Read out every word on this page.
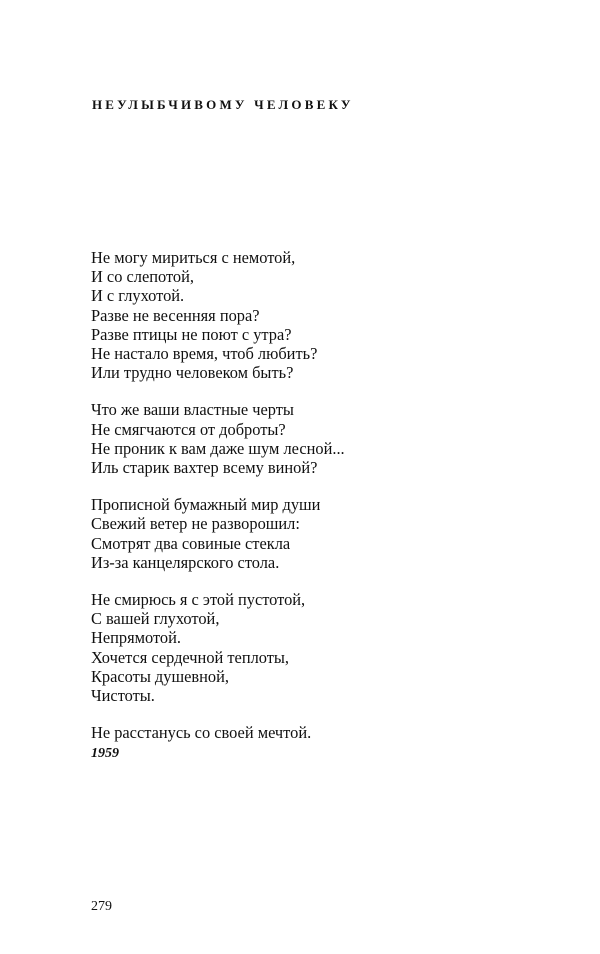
НЕУЛЫБЧИВОМУ ЧЕЛОВЕКУ

Не могу мириться с немотой,
И со слепотой,
И с глухотой.
Разве не весенняя пора?
Разве птицы не поют с утра?
Не настало время, чтоб любить?
Или трудно человеком быть?

Что же ваши властные черты
Не смягчаются от доброты?
Не проник к вам даже шум лесной...
Иль старик вахтер всему виной?

Прописной бумажный мир души
Свежий ветер не разворошил:
Смотрят два совиные стекла
Из-за канцелярского стола.

Не смирюсь я с этой пустотой,
С вашей глухотой,
Непрямотой.
Хочется сердечной теплоты,
Красоты душевной,
Чистоты.

Не расстанусь со своей мечтой.

1959
279
